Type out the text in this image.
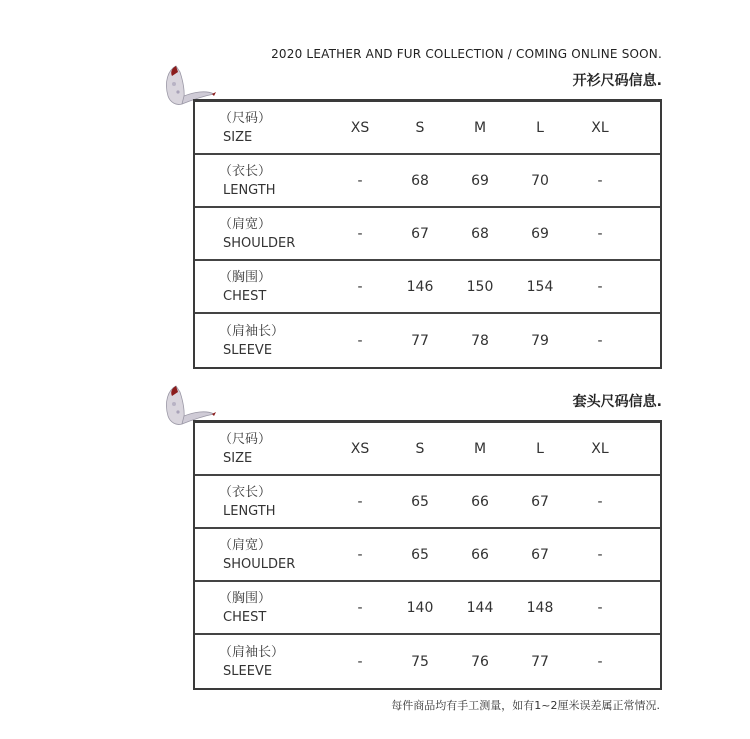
2020 LEATHER AND FUR COLLECTION / COMING ONLINE SOON.
开衫尺码信息.
（尺码）
SIZE
XS	S	M	L	XL
（衣长）
LENGTH
-	68	69	70	-
（肩宽）
SHOULDER
-	67	68	69	-
（胸围）
CHEST
-	146	150	154	-
（肩袖长）
SLEEVE
-	77	78	79	-
套头尺码信息.
（尺码）
SIZE
XS	S	M	L	XL
（衣长）
LENGTH
-	65	66	67	-
（肩宽）
SHOULDER
-	65	66	67	-
（胸围）
CHEST
-	140	144	148	-
（肩袖长）
SLEEVE
-	75	76	77	-
每件商品均有手工测量，如有1~2厘米误差属正常情况.
